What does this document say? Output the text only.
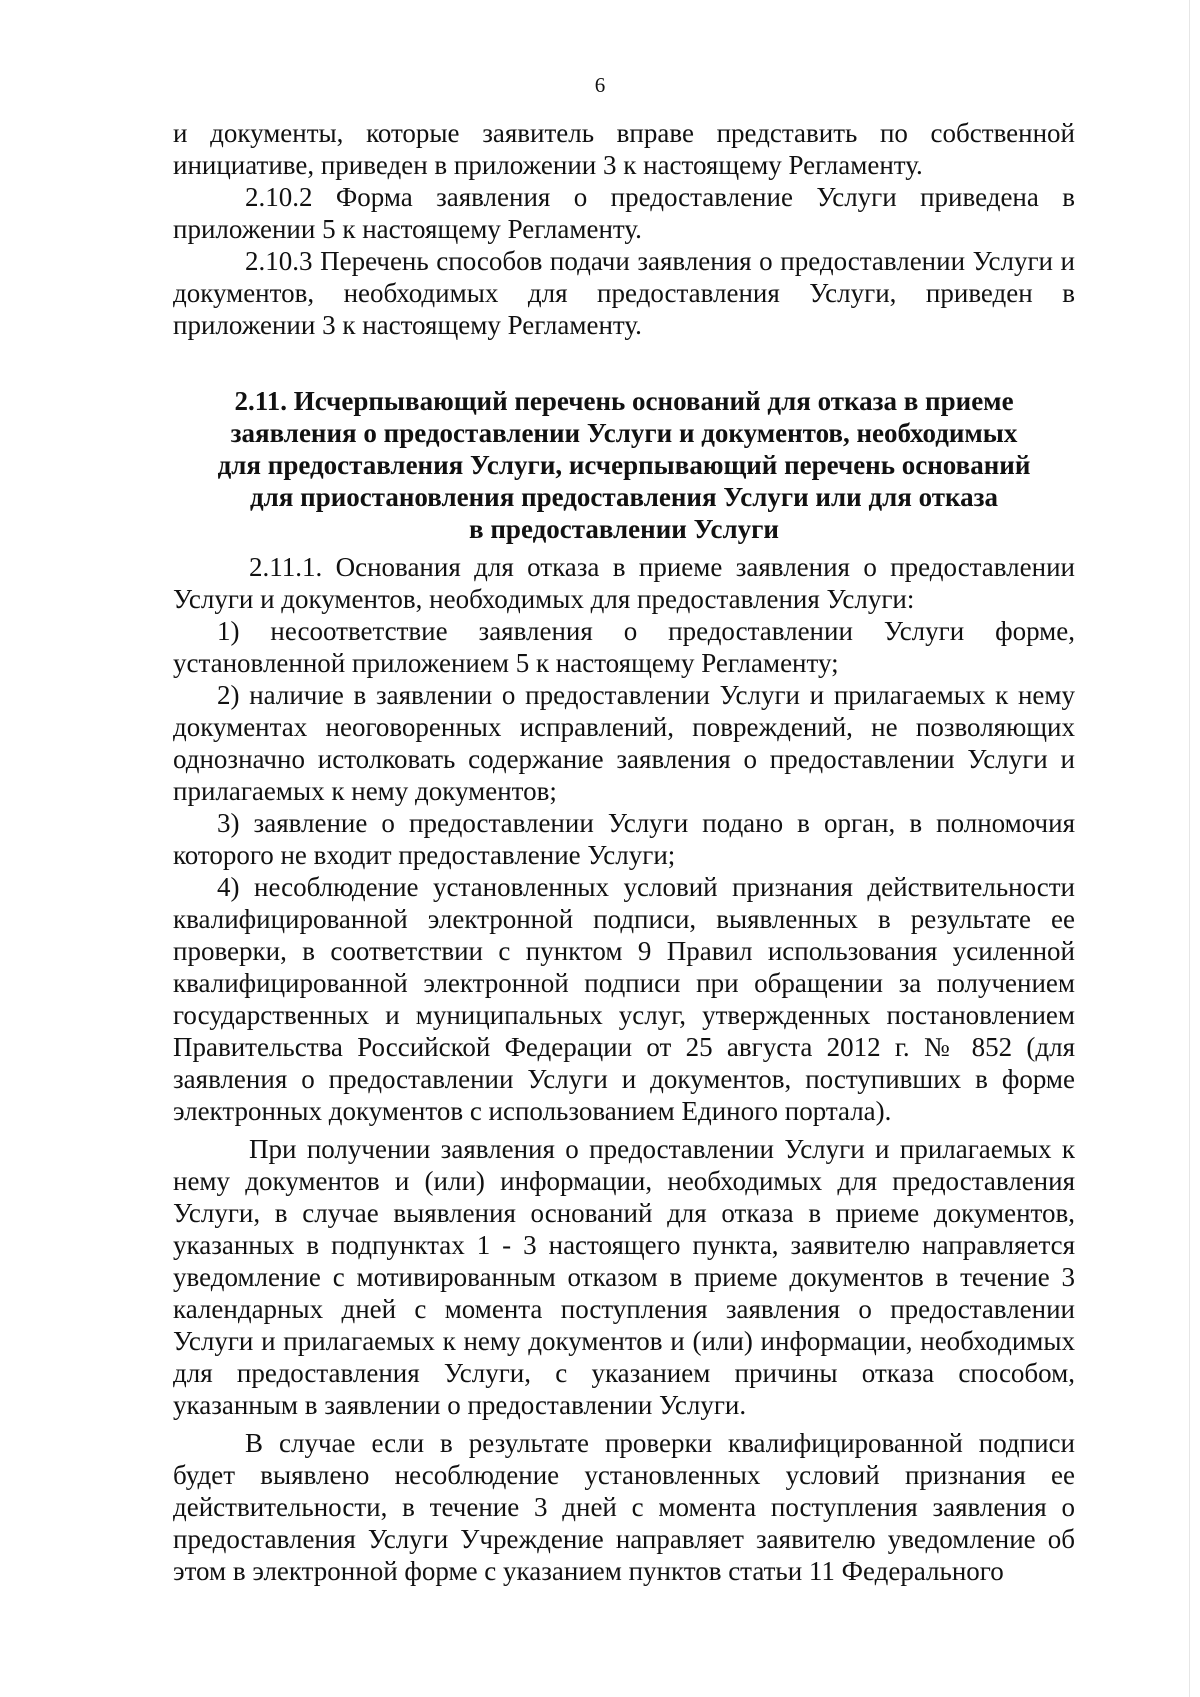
6

и документы, которые заявитель вправе представить по собственной инициативе, приведен в приложении 3 к настоящему Регламенту.

2.10.2 Форма заявления о предоставление Услуги приведена в приложении 5 к настоящему Регламенту.

2.10.3 Перечень способов подачи заявления о предоставлении Услуги и документов, необходимых для предоставления Услуги, приведен в приложении 3 к настоящему Регламенту.

2.11. Исчерпывающий перечень оснований для отказа в приеме
заявления о предоставлении Услуги и документов, необходимых
для предоставления Услуги, исчерпывающий перечень оснований
для приостановления предоставления Услуги или для отказа
в предоставлении Услуги

2.11.1. Основания для отказа в приеме заявления о предоставлении Услуги и документов, необходимых для предоставления Услуги:

1) несоответствие заявления о предоставлении Услуги форме, установленной приложением 5 к настоящему Регламенту;

2) наличие в заявлении о предоставлении Услуги и прилагаемых к нему документах неоговоренных исправлений, повреждений, не позволяющих однозначно истолковать содержание заявления о предоставлении Услуги и прилагаемых к нему документов;

3) заявление о предоставлении Услуги подано в орган, в полномочия которого не входит предоставление Услуги;

4) несоблюдение установленных условий признания действительности квалифицированной электронной подписи, выявленных в результате ее проверки, в соответствии с пунктом 9 Правил использования усиленной квалифицированной электронной подписи при обращении за получением государственных и муниципальных услуг, утвержденных постановлением Правительства Российской Федерации от 25 августа 2012 г. № 852 (для заявления о предоставлении Услуги и документов, поступивших в форме электронных документов с использованием Единого портала).

При получении заявления о предоставлении Услуги и прилагаемых к нему документов и (или) информации, необходимых для предоставления Услуги, в случае выявления оснований для отказа в приеме документов, указанных в подпунктах 1 - 3 настоящего пункта, заявителю направляется уведомление с мотивированным отказом в приеме документов в течение 3 календарных дней с момента поступления заявления о предоставлении Услуги и прилагаемых к нему документов и (или) информации, необходимых для предоставления Услуги, с указанием причины отказа способом, указанным в заявлении о предоставлении Услуги.

В случае если в результате проверки квалифицированной подписи будет выявлено несоблюдение установленных условий признания ее действительности, в течение 3 дней с момента поступления заявления о предоставления Услуги Учреждение направляет заявителю уведомление об этом в электронной форме с указанием пунктов статьи 11 Федерального
